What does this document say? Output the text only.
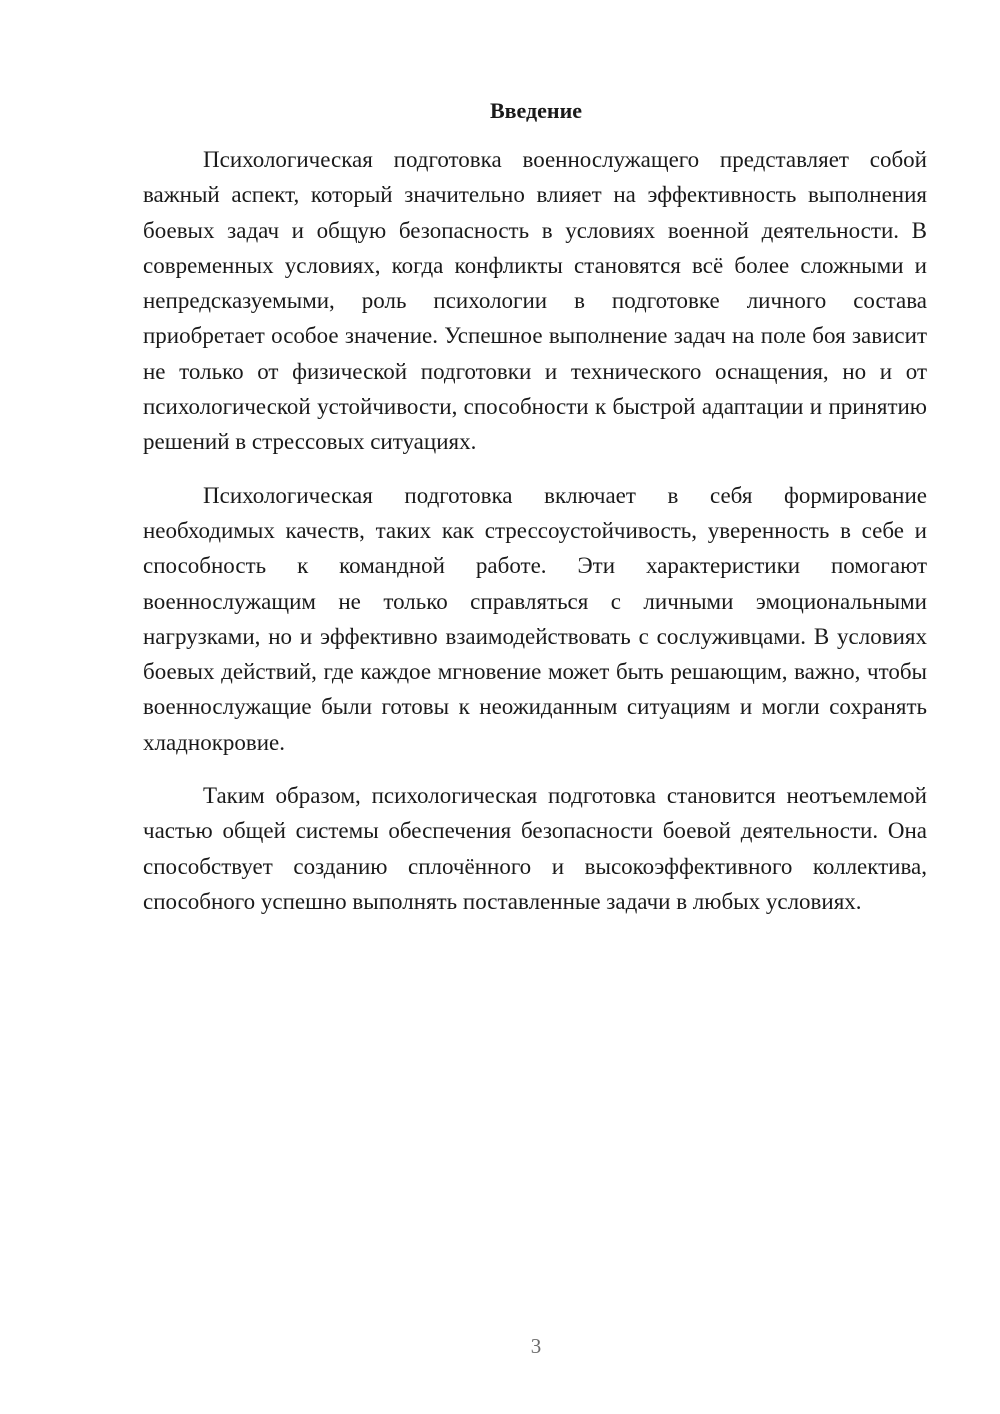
Введение

Психологическая подготовка военнослужащего представляет собой важный аспект, который значительно влияет на эффективность выполнения боевых задач и общую безопасность в условиях военной деятельности. В современных условиях, когда конфликты становятся всё более сложными и непредсказуемыми, роль психологии в подготовке личного состава приобретает особое значение. Успешное выполнение задач на поле боя зависит не только от физической подготовки и технического оснащения, но и от психологической устойчивости, способности к быстрой адаптации и принятию решений в стрессовых ситуациях.

Психологическая подготовка включает в себя формирование необходимых качеств, таких как стрессоустойчивость, уверенность в себе и способность к командной работе. Эти характеристики помогают военнослужащим не только справляться с личными эмоциональными нагрузками, но и эффективно взаимодействовать с сослуживцами. В условиях боевых действий, где каждое мгновение может быть решающим, важно, чтобы военнослужащие были готовы к неожиданным ситуациям и могли сохранять хладнокровие.

Таким образом, психологическая подготовка становится неотъемлемой частью общей системы обеспечения безопасности боевой деятельности. Она способствует созданию сплочённого и высокоэффективного коллектива, способного успешно выполнять поставленные задачи в любых условиях.

3
